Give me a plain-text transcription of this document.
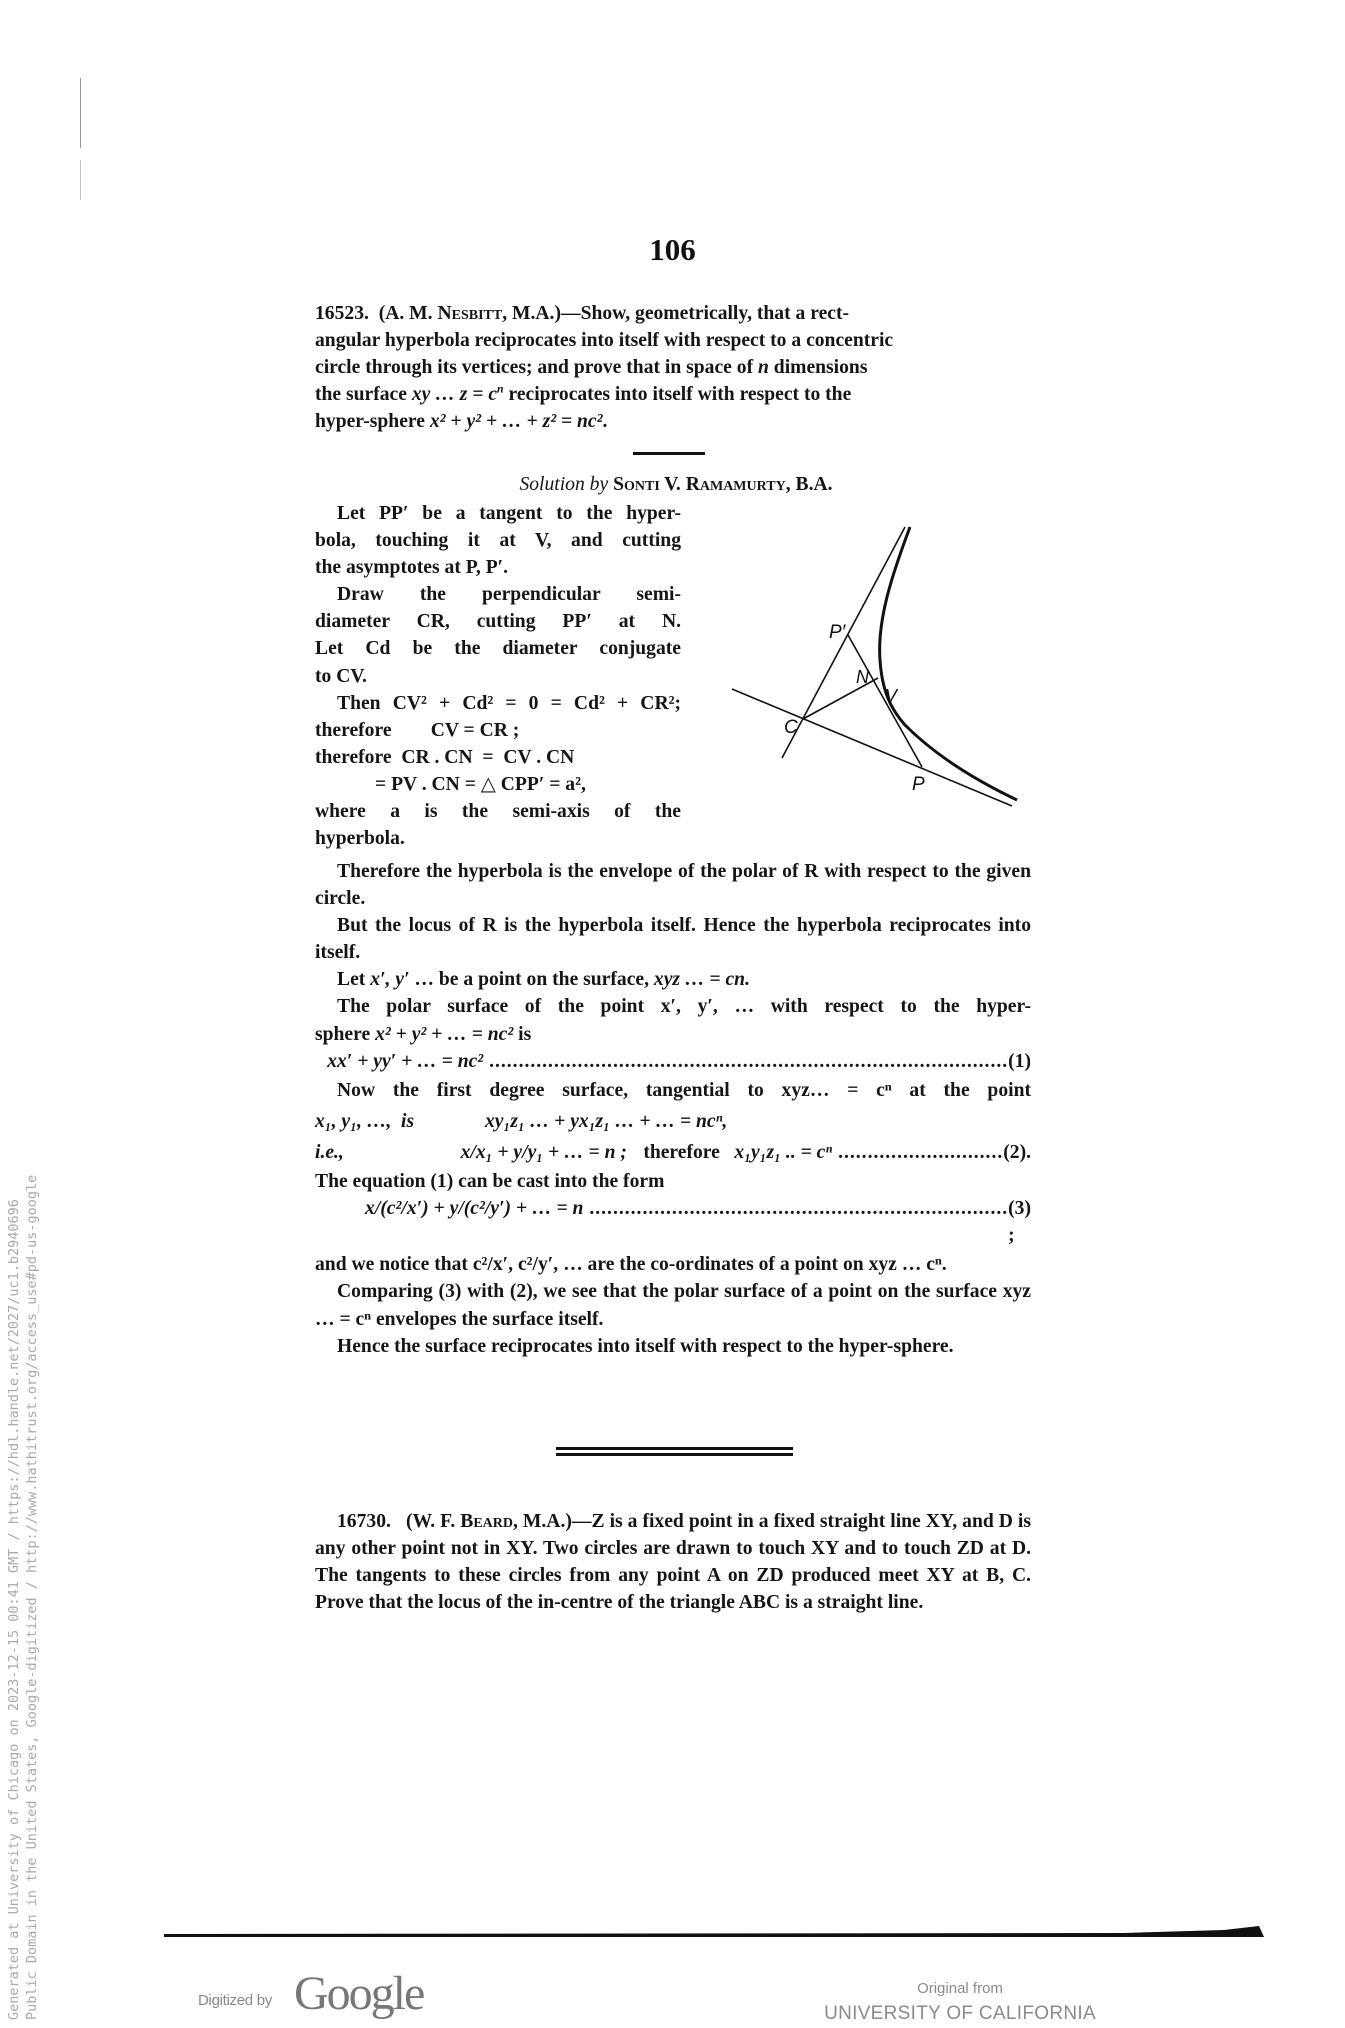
Generated at University of Chicago on 2023-12-15 00:41 GMT / https://hdl.handle.net/2027/uc1.b2940696 Public Domain in the United States, Google-digitized / http://www.hathitrust.org/access_use#pd-us-google
106

16523. (A. M. Nesbitt, M.A.)—Show, geometrically, that a rect-

angular hyperbola reciprocates into itself with respect to a concentric

circle through its vertices; and prove that in space of n dimensions

the surface xy … $z = c^n$ reciprocates into itself with respect to the

hyper-sphere x² + y² + … + z² = nc².

Solution by Sonti V. Ramamurty, B.A.

Let PP′ be a tangent to the hyper-

bola, touching it at V, and cutting

the asymptotes at P, P′.

Draw the perpendicular semi-

diameter CR, cutting PP′ at N.

Let Cd be the diameter conjugate

to CV.

Then CV² + Cd² = 0 = Cd² + CR²;

therefore        CV = CR ;

therefore  CR . CN  =  CV . CN

= PV . CN = △ CPP′ = a²,

where a is the semi-axis of the

hyperbola.

P′
N
V
C
P

Therefore the hyperbola is the envelope of the polar of R with respect to the given circle.

But the locus of R is the hyperbola itself. Hence the hyperbola reciprocates into itself.

Let x′, y′ … be a point on the surface, xyz … = cn.

The polar surface of the point x′, y′, … with respect to the hyper-

sphere x² + y² + … = nc² is

xx′ + yy′ + … = nc² ........................................................................................ (1)

Now the first degree surface, tangential to xyz… = cⁿ at the point

x₁, y₁, …,  is	xy₁z₁ … + yx₁z₁ … + … = ncⁿ,

i.e.,	x/x₁ + y/y₁ + … = n ; therefore x₁y₁z₁ .. = cⁿ ............................ (2).

The equation (1) can be cast into the form

x/(c²/x′) + y/(c²/y′) + … = n ....................................................................... (3) ;

and we notice that c²/x′, c²/y′, … are the co-ordinates of a point on xyz … cⁿ.

Comparing (3) with (2), we see that the polar surface of a point on the surface xyz … = cⁿ envelopes the surface itself.

Hence the surface reciprocates into itself with respect to the hyper-sphere.

16730. (W. F. Beard, M.A.)—Z is a fixed point in a fixed straight line XY, and D is any other point not in XY. Two circles are drawn to touch XY and to touch ZD at D. The tangents to these circles from any point A on ZD produced meet XY at B, C. Prove that the locus of the in-centre of the triangle ABC is a straight line.

Digitized by Google	Original from
UNIVERSITY OF CALIFORNIA
